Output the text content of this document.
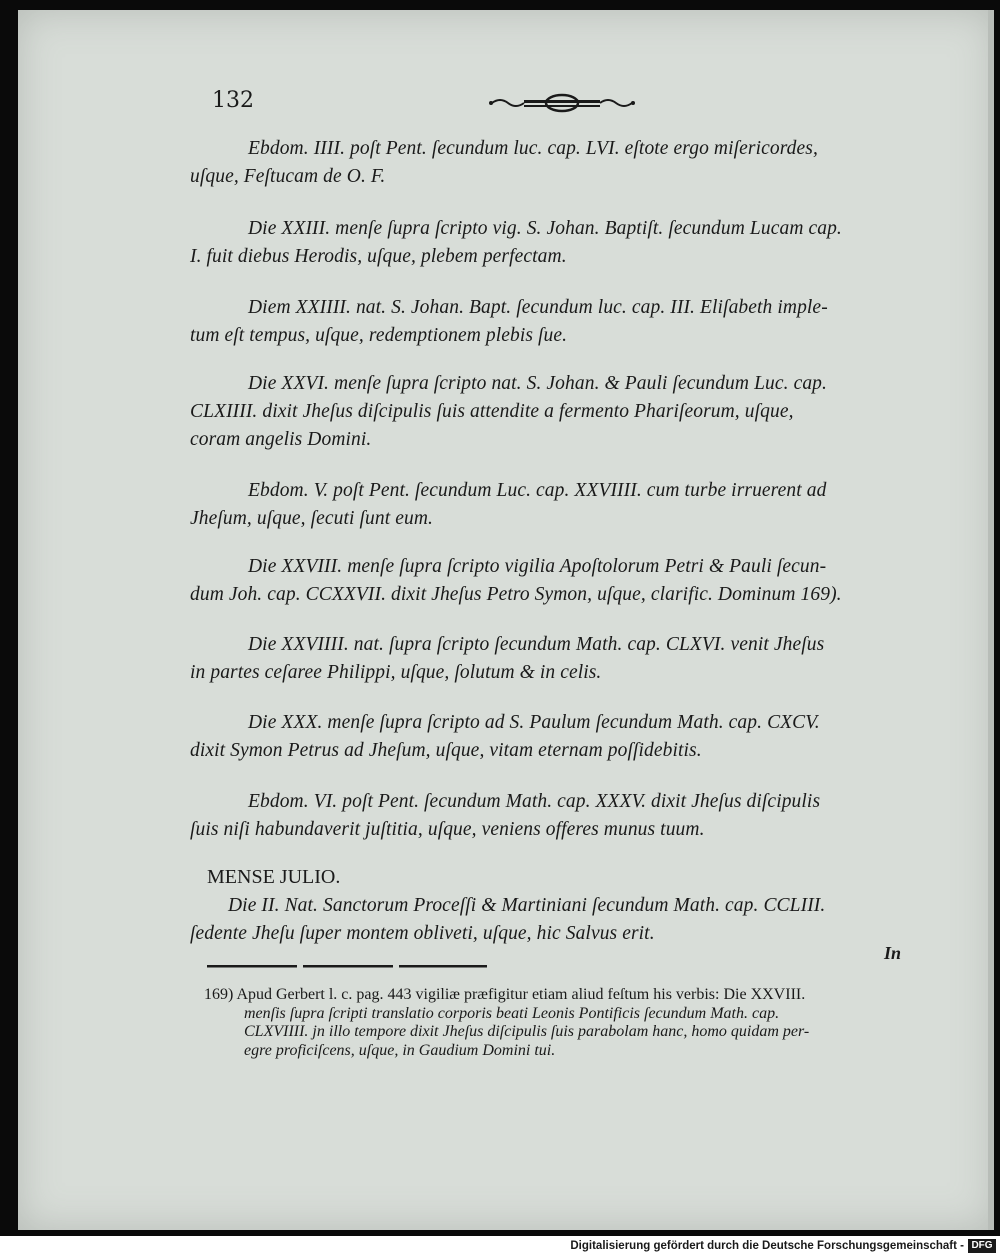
132
Ebdom. IIII. poſt Pent. ſecundum luc. cap. LVI. eſtote ergo miſericordes,
uſque, Feſtucam de O. F.
Die XXIII. menſe ſupra ſcripto vig. S. Johan. Baptiſt. ſecundum Lucam cap.
I. fuit diebus Herodis, uſque, plebem perfectam.
Diem XXIIII. nat. S. Johan. Bapt. ſecundum luc. cap. III. Eliſabeth imple-
tum eſt tempus, uſque, redemptionem plebis ſue.
Die XXVI. menſe ſupra ſcripto nat. S. Johan. & Pauli ſecundum Luc. cap.
CLXIIII. dixit Jheſus diſcipulis ſuis attendite a fermento Phariſeorum, uſque,
coram angelis Domini.
Ebdom. V. poſt Pent. ſecundum Luc. cap. XXVIIII. cum turbe irruerent ad
Jheſum, uſque, ſecuti ſunt eum.
Die XXVIII. menſe ſupra ſcripto vigilia Apoſtolorum Petri & Pauli ſecun-
dum Joh. cap. CCXXVII. dixit Jheſus Petro Symon, uſque, clarific. Dominum 169).
Die XXVIIII. nat. ſupra ſcripto ſecundum Math. cap. CLXVI. venit Jheſus
in partes ceſaree Philippi, uſque, ſolutum & in celis.
Die XXX. menſe ſupra ſcripto ad S. Paulum ſecundum Math. cap. CXCV.
dixit Symon Petrus ad Jheſum, uſque, vitam eternam poſſidebitis.
Ebdom. VI. poſt Pent. ſecundum Math. cap. XXXV. dixit Jheſus diſcipulis
ſuis niſi habundaverit juſtitia, uſque, veniens offeres munus tuum.
MENSE JULIO.
Die II. Nat. Sanctorum Proceſſi & Martiniani ſecundum Math. cap. CCLIII.
ſedente Jheſu ſuper montem obliveti, uſque, hic Salvus erit.
In
169) Apud Gerbert l. c. pag. 443 vigiliæ præfigitur etiam aliud feſtum his verbis: Die XXVIII.
menſis ſupra ſcripti translatio corporis beati Leonis Pontificis ſecundum Math. cap.
CLXVIIII. jn illo tempore dixit Jheſus diſcipulis ſuis parabolam hanc, homo quidam per-
egre proficiſcens, uſque, in Gaudium Domini tui.
Digitalisierung gefördert durch die Deutsche Forschungsgemeinschaft - DFG
